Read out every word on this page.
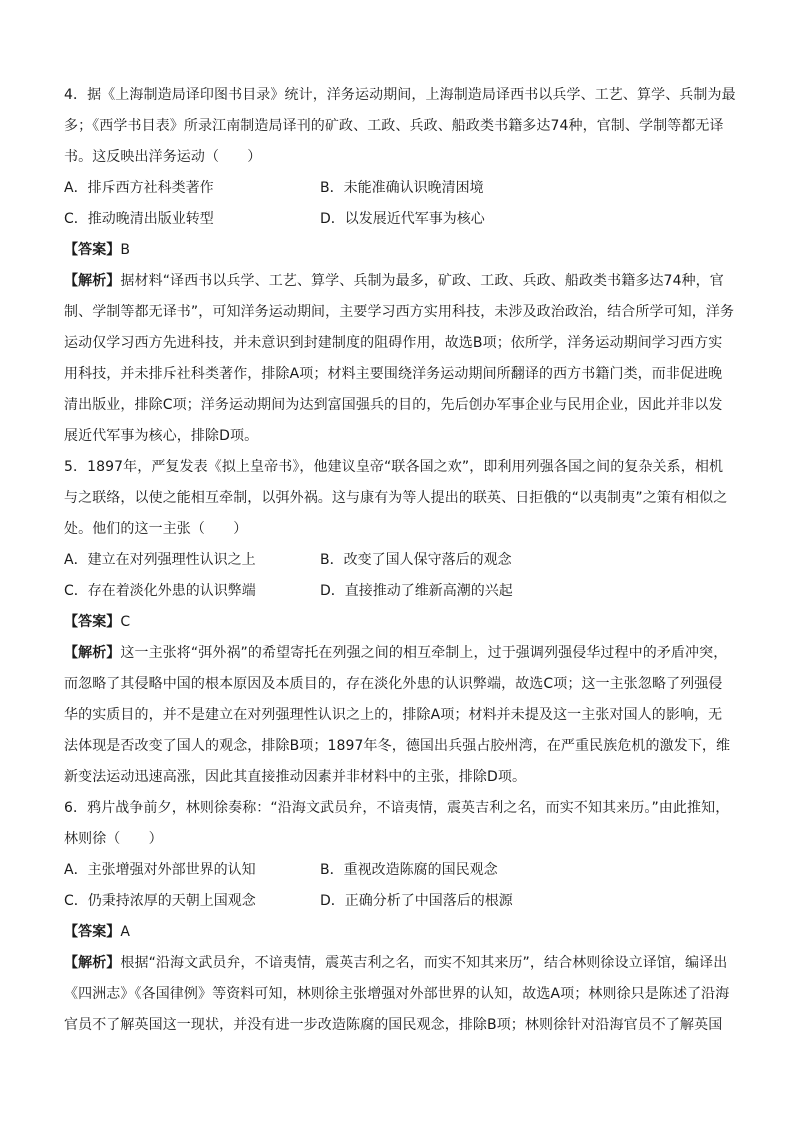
4．据《上海制造局译印图书目录》统计，洋务运动期间，上海制造局译西书以兵学、工艺、算学、兵制为最
多；《西学书目表》所录江南制造局译刊的矿政、工政、兵政、船政类书籍多达74种，官制、学制等都无译
书。这反映出洋务运动（　　）
A．排斥西方社科类著作	B．未能准确认识晚清困境
C．推动晚清出版业转型	D．以发展近代军事为核心
【答案】B
【解析】据材料“译西书以兵学、工艺、算学、兵制为最多，矿政、工政、兵政、船政类书籍多达74种，官
制、学制等都无译书”，可知洋务运动期间，主要学习西方实用科技，未涉及政治政治，结合所学可知，洋务
运动仅学习西方先进科技，并未意识到封建制度的阻碍作用，故选B项；依所学，洋务运动期间学习西方实
用科技，并未排斥社科类著作，排除A项；材料主要围绕洋务运动期间所翻译的西方书籍门类，而非促进晚
清出版业，排除C项；洋务运动期间为达到富国强兵的目的，先后创办军事企业与民用企业，因此并非以发
展近代军事为核心，排除D项。
5．1897年，严复发表《拟上皇帝书》，他建议皇帝“联各国之欢”，即利用列强各国之间的复杂关系，相机
与之联络，以使之能相互牵制，以弭外祸。这与康有为等人提出的联英、日拒俄的“以夷制夷”之策有相似之
处。他们的这一主张（　　）
A．建立在对列强理性认识之上	B．改变了国人保守落后的观念
C．存在着淡化外患的认识弊端	D．直接推动了维新高潮的兴起
【答案】C
【解析】这一主张将“弭外祸”的希望寄托在列强之间的相互牵制上，过于强调列强侵华过程中的矛盾冲突，
而忽略了其侵略中国的根本原因及本质目的，存在淡化外患的认识弊端，故选C项；这一主张忽略了列强侵
华的实质目的，并不是建立在对列强理性认识之上的，排除A项；材料并未提及这一主张对国人的影响，无
法体现是否改变了国人的观念，排除B项；1897年冬，德国出兵强占胶州湾，在严重民族危机的激发下，维
新变法运动迅速高涨，因此其直接推动因素并非材料中的主张，排除D项。
6．鸦片战争前夕，林则徐奏称：“沿海文武员弁，不谙夷情，震英吉利之名，而实不知其来历。”由此推知，
林则徐（　　）
A．主张增强对外部世界的认知	B．重视改造陈腐的国民观念
C．仍秉持浓厚的天朝上国观念	D．正确分析了中国落后的根源
【答案】A
【解析】根据“沿海文武员弁，不谙夷情，震英吉利之名，而实不知其来历”，结合林则徐设立译馆，编译出
《四洲志》《各国律例》等资料可知，林则徐主张增强对外部世界的认知，故选A项；林则徐只是陈述了沿海
官员不了解英国这一现状，并没有进一步改造陈腐的国民观念，排除B项；林则徐针对沿海官员不了解英国
